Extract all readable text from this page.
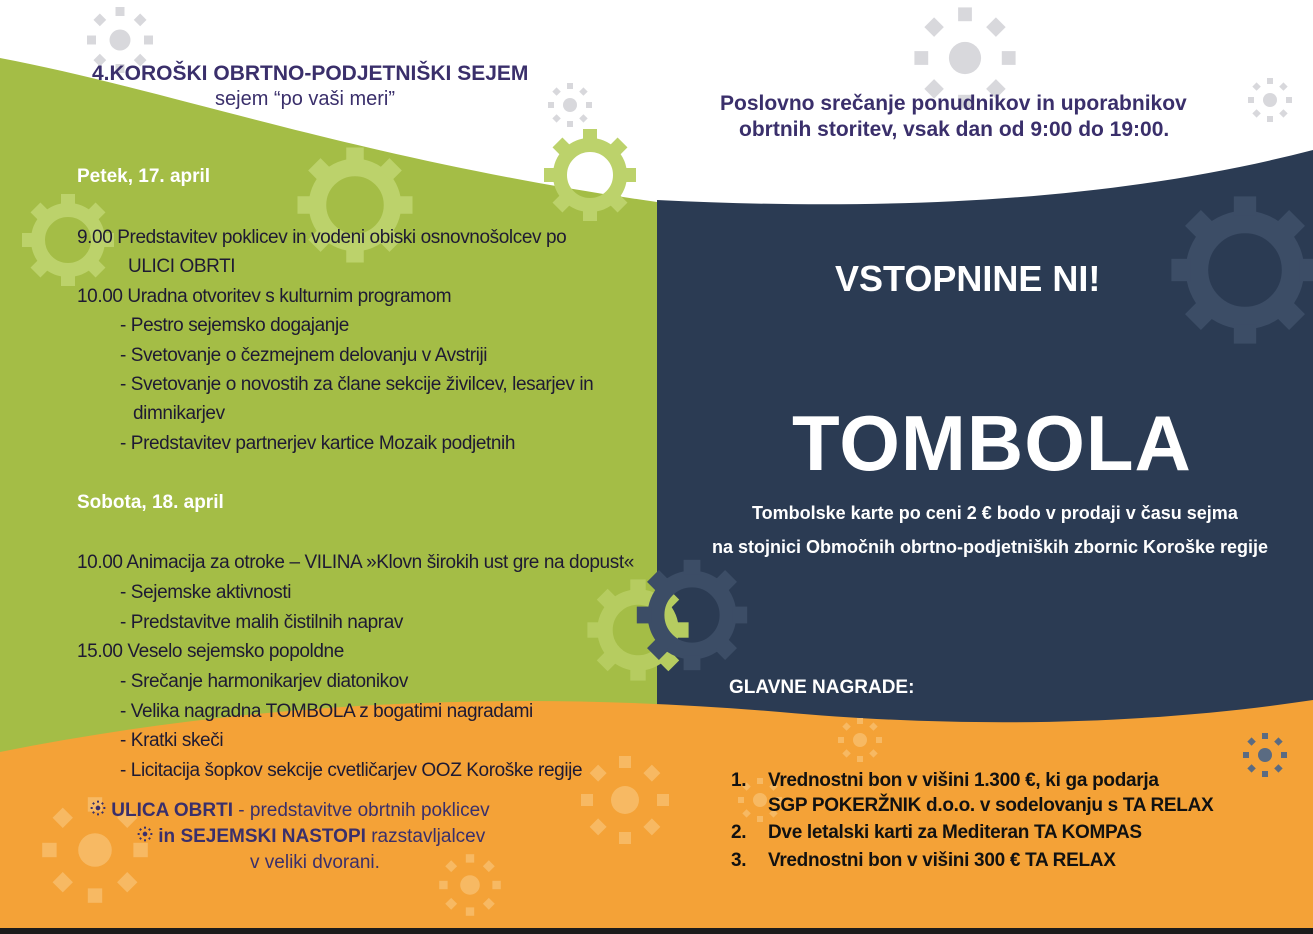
4.KOROŠKI OBRTNO-PODJETNIŠKI SEJEM
sejem “po vaši meri”	Poslovno srečanje ponudnikov in uporabnikov
obrtnih storitev, vsak dan od 9:00 do 19:00.
Petek, 17. april
9.00 Predstavitev poklicev in vodeni obiski osnovnošolcev po
ULICI OBRTI
10.00 Uradna otvoritev s kulturnim programom
- Pestro sejemsko dogajanje
- Svetovanje o čezmejnem delovanju v Avstriji
- Svetovanje o novostih za člane sekcije živilcev, lesarjev in
dimnikarjev
- Predstavitev partnerjev kartice Mozaik podjetnih
Sobota, 18. april
10.00 Animacija za otroke – VILINA »Klovn širokih ust gre na dopust«
- Sejemske aktivnosti
- Predstavitve malih čistilnih naprav
15.00 Veselo sejemsko popoldne
- Srečanje harmonikarjev diatonikov
- Velika nagradna TOMBOLA z bogatimi nagradami
- Kratki skeči
- Licitacija šopkov sekcije cvetličarjev OOZ Koroške regije
ULICA OBRTI - predstavitve obrtnih poklicev
in SEJEMSKI NASTOPI razstavljalcev
v veliki dvorani.
VSTOPNINE NI!
TOMBOLA
Tombolske karte po ceni 2 € bodo v prodaji v času sejma
na stojnici Območnih obrtno-podjetniških zbornic Koroške regije
GLAVNE NAGRADE:
1. Vrednostni bon v višini 1.300 €, ki ga podarja
SGP POKERŽNIK d.o.o. v sodelovanju s TA RELAX
2. Dve letalski karti za Mediteran TA KOMPAS
3. Vrednostni bon v višini 300 € TA RELAX
